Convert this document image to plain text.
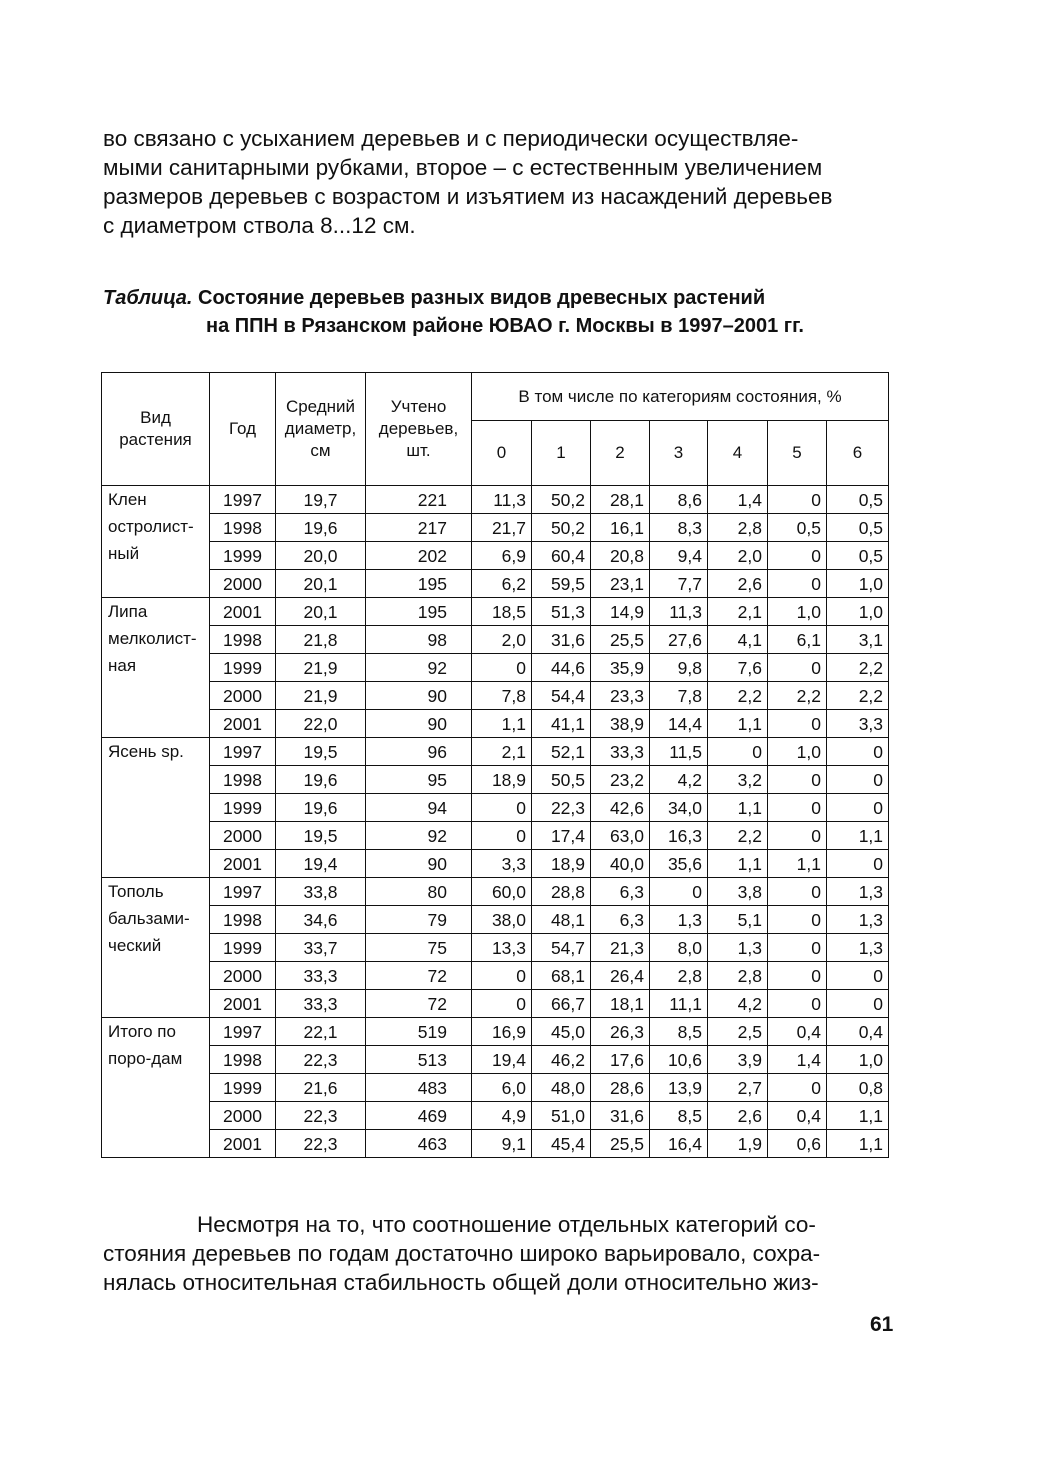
во связано с усыханием деревьев и с периодически осуществляе-
мыми санитарными рубками, второе – с естественным увеличением
размеров деревьев с возрастом и изъятием из насаждений деревьев
с диаметром ствола 8...12 см.
Таблица. Состояние деревьев разных видов древесных растений
на ППН в Рязанском районе ЮВАО г. Москвы в 1997–2001 гг.
Вид растения	Год	Средний диаметр, см	Учтено деревьев, шт.	В том числе по категориям состояния, %						
				0	1	2	3	4	5	6
Клен остролист-ный	1997	19,7	221	11,3	50,2	28,1	8,6	1,4	0	0,5
	1998	19,6	217	21,7	50,2	16,1	8,3	2,8	0,5	0,5
	1999	20,0	202	6,9	60,4	20,8	9,4	2,0	0	0,5
	2000	20,1	195	6,2	59,5	23,1	7,7	2,6	0	1,0
Липа мелколист-ная	2001	20,1	195	18,5	51,3	14,9	11,3	2,1	1,0	1,0
	1998	21,8	98	2,0	31,6	25,5	27,6	4,1	6,1	3,1
	1999	21,9	92	0	44,6	35,9	9,8	7,6	0	2,2
	2000	21,9	90	7,8	54,4	23,3	7,8	2,2	2,2	2,2
	2001	22,0	90	1,1	41,1	38,9	14,4	1,1	0	3,3
Ясень sp.	1997	19,5	96	2,1	52,1	33,3	11,5	0	1,0	0
	1998	19,6	95	18,9	50,5	23,2	4,2	3,2	0	0
	1999	19,6	94	0	22,3	42,6	34,0	1,1	0	0
	2000	19,5	92	0	17,4	63,0	16,3	2,2	0	1,1
	2001	19,4	90	3,3	18,9	40,0	35,6	1,1	1,1	0
Тополь бальзами-ческий	1997	33,8	80	60,0	28,8	6,3	0	3,8	0	1,3
	1998	34,6	79	38,0	48,1	6,3	1,3	5,1	0	1,3
	1999	33,7	75	13,3	54,7	21,3	8,0	1,3	0	1,3
	2000	33,3	72	0	68,1	26,4	2,8	2,8	0	0
	2001	33,3	72	0	66,7	18,1	11,1	4,2	0	0
Итого по поро-дам	1997	22,1	519	16,9	45,0	26,3	8,5	2,5	0,4	0,4
	1998	22,3	513	19,4	46,2	17,6	10,6	3,9	1,4	1,0
	1999	21,6	483	6,0	48,0	28,6	13,9	2,7	0	0,8
	2000	22,3	469	4,9	51,0	31,6	8,5	2,6	0,4	1,1
	2001	22,3	463	9,1	45,4	25,5	16,4	1,9	0,6	1,1
Несмотря на то, что соотношение отдельных категорий со-
стояния деревьев по годам достаточно широко варьировало, сохра-
нялась относительная стабильность общей доли относительно жиз-
61
